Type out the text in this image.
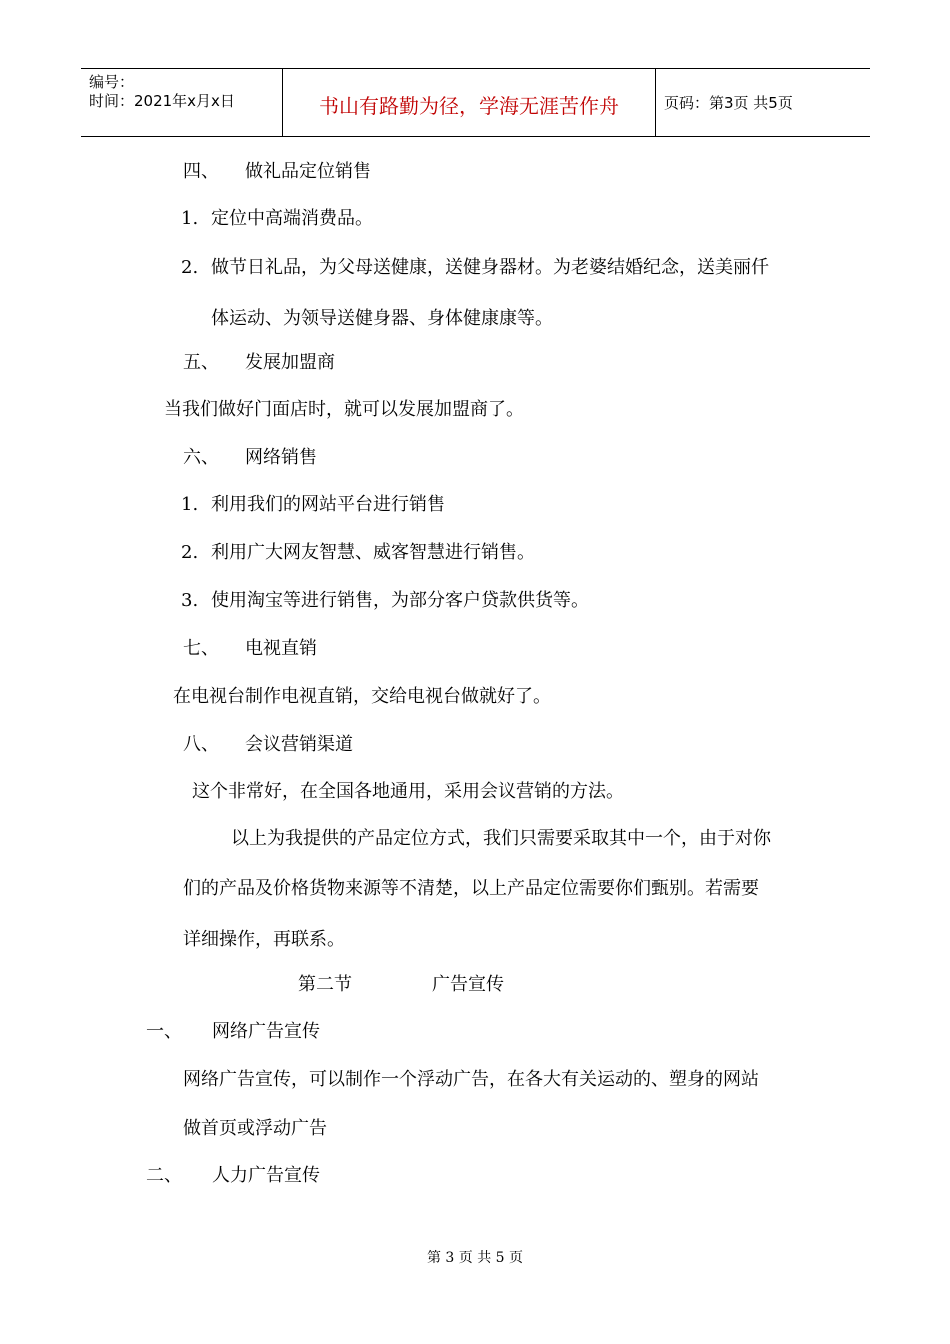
编号：
时间：2021年x月x日	书山有路勤为径，学海无涯苦作舟	页码：第3页 共5页
四、 做礼品定位销售
1. 定位中高端消费品。
2. 做节日礼品，为父母送健康，送健身器材。为老婆结婚纪念，送美丽仟
体运动、为领导送健身器、身体健康康等。
五、 发展加盟商
当我们做好门面店时，就可以发展加盟商了。
六、 网络销售
1. 利用我们的网站平台进行销售
2. 利用广大网友智慧、威客智慧进行销售。
3. 使用淘宝等进行销售，为部分客户贷款供货等。
七、 电视直销
在电视台制作电视直销，交给电视台做就好了。
八、 会议营销渠道
这个非常好，在全国各地通用，采用会议营销的方法。
以上为我提供的产品定位方式，我们只需要采取其中一个，由于对你
们的产品及价格货物来源等不清楚，以上产品定位需要你们甄别。若需要
详细操作，再联系。
第二节	广告宣传
一、 网络广告宣传
网络广告宣传，可以制作一个浮动广告，在各大有关运动的、塑身的网站
做首页或浮动广告
二、 人力广告宣传
第 3 页 共 5 页
